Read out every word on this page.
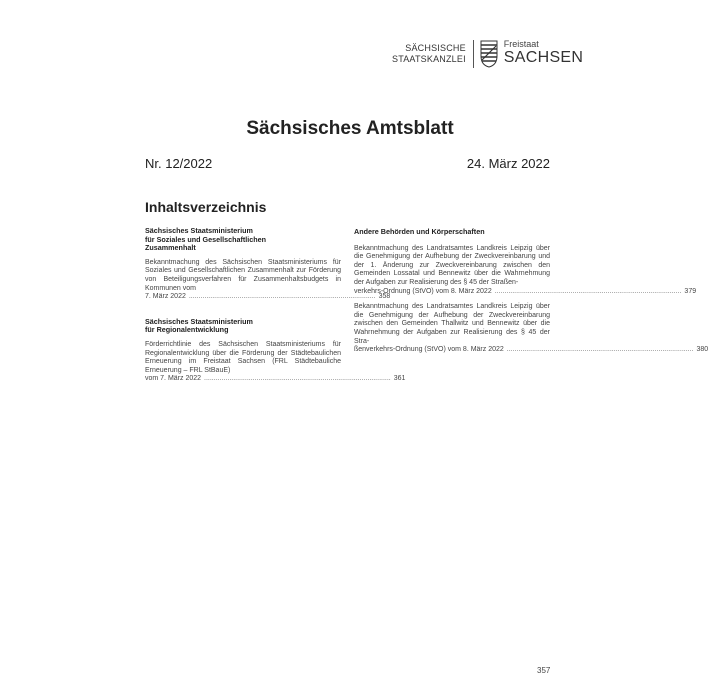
SÄCHSISCHE
STAATSKANZLEI
Freistaat
SACHSEN
Sächsisches Amtsblatt
Nr. 12/2022	24. März 2022
Inhaltsverzeichnis
Sächsisches Staatsministerium
für Soziales und Gesellschaftlichen
Zusammenhalt
Bekanntmachung des Sächsischen Staatsministeriums für Soziales und Gesellschaftlichen Zusammenhalt zur Förderung von Beteiligungsverfahren für Zusammenhaltsbudgets in Kommunen vom
7. März 2022 ................................................................................................ 358
Sächsisches Staatsministerium
für Regionalentwicklung
Förderrichtlinie des Sächsischen Staatsministeriums für Regionalentwicklung über die Förderung der Städtebaulichen Erneuerung im Freistaat Sachsen (FRL Städtebauliche Erneuerung – FRL StBauE)
vom 7. März 2022 ................................................................................................ 361
Andere Behörden und Körperschaften
Bekanntmachung des Landratsamtes Landkreis Leipzig über die Genehmigung der Aufhebung der Zweckvereinbarung und der 1. Änderung zur Zweckvereinbarung zwischen den Gemeinden Lossatal und Bennewitz über die Wahrnehmung der Aufgaben zur Realisierung des § 45 der Straßen-
verkehrs-Ordnung (StVO) vom 8. März 2022 ................................................................................................ 379
Bekanntmachung des Landratsamtes Landkreis Leipzig über die Genehmigung der Aufhebung der Zweckvereinbarung zwischen den Gemeinden Thallwitz und Bennewitz über die Wahrnehmung der Aufgaben zur Realisierung des § 45 der Stra-
ßenverkehrs-Ordnung (StVO) vom 8. März 2022 ................................................................................................ 380
357
